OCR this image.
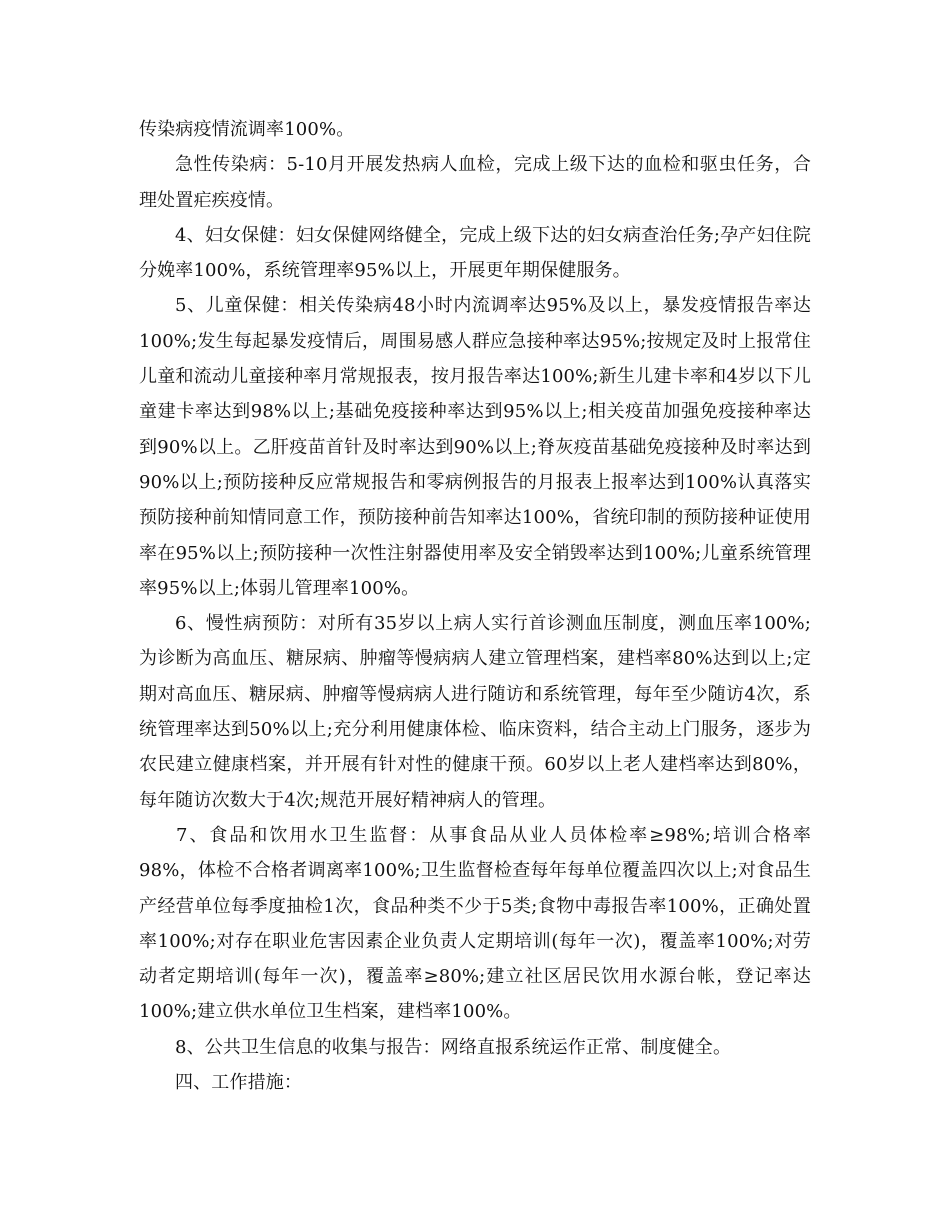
传染病疫情流调率100%。

急性传染病：5-10月开展发热病人血检，完成上级下达的血检和驱虫任务，合理处置疟疾疫情。

4、妇女保健：妇女保健网络健全，完成上级下达的妇女病查治任务;孕产妇住院分娩率100%，系统管理率95%以上，开展更年期保健服务。

5、儿童保健：相关传染病48小时内流调率达95%及以上，暴发疫情报告率达100%;发生每起暴发疫情后，周围易感人群应急接种率达95%;按规定及时上报常住儿童和流动儿童接种率月常规报表，按月报告率达100%;新生儿建卡率和4岁以下儿童建卡率达到98%以上;基础免疫接种率达到95%以上;相关疫苗加强免疫接种率达到90%以上。乙肝疫苗首针及时率达到90%以上;脊灰疫苗基础免疫接种及时率达到90%以上;预防接种反应常规报告和零病例报告的月报表上报率达到100%认真落实预防接种前知情同意工作，预防接种前告知率达100%，省统印制的预防接种证使用率在95%以上;预防接种一次性注射器使用率及安全销毁率达到100%;儿童系统管理率95%以上;体弱儿管理率100%。

6、慢性病预防：对所有35岁以上病人实行首诊测血压制度，测血压率100%;为诊断为高血压、糖尿病、肿瘤等慢病病人建立管理档案，建档率80%达到以上;定期对高血压、糖尿病、肿瘤等慢病病人进行随访和系统管理，每年至少随访4次，系统管理率达到50%以上;充分利用健康体检、临床资料，结合主动上门服务，逐步为农民建立健康档案，并开展有针对性的健康干预。60岁以上老人建档率达到80%，每年随访次数大于4次;规范开展好精神病人的管理。

7、食品和饮用水卫生监督：从事食品从业人员体检率≥98%;培训合格率98%，体检不合格者调离率100%;卫生监督检查每年每单位覆盖四次以上;对食品生产经营单位每季度抽检1次，食品种类不少于5类;食物中毒报告率100%，正确处置率100%;对存在职业危害因素企业负责人定期培训(每年一次)，覆盖率100%;对劳动者定期培训(每年一次)，覆盖率≥80%;建立社区居民饮用水源台帐，登记率达100%;建立供水单位卫生档案，建档率100%。

8、公共卫生信息的收集与报告：网络直报系统运作正常、制度健全。

四、工作措施：
